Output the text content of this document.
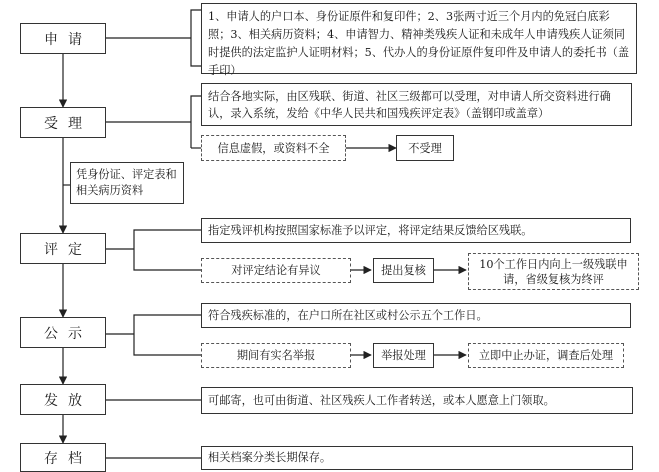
申请
受理
评定
公示
发放
存档
1、申请人的户口本、身份证原件和复印件；2、3张两寸近三个月内的免冠白底彩照；3、相关病历资料；4、申请智力、精神类残疾人证和未成年人申请残疾人证须同时提供的法定监护人证明材料；5、代办人的身份证原件复印件及申请人的委托书（盖手印）
结合各地实际，由区残联、街道、社区三级都可以受理，对申请人所交资料进行确认，录入系统，发给《中华人民共和国残疾评定表》（盖钢印或盖章）
信息虚假，或资料不全	不受理
凭身份证、评定表和相关病历资料
指定残评机构按照国家标准予以评定，将评定结果反馈给区残联。
对评定结论有异议	提出复核	10个工作日内向上一级残联申请，省级复核为终评
符合残疾标准的，在户口所在社区或村公示五个工作日。
期间有实名举报	举报处理	立即中止办证，调查后处理
可邮寄，也可由街道、社区残疾人工作者转送，或本人愿意上门领取。
相关档案分类长期保存。
